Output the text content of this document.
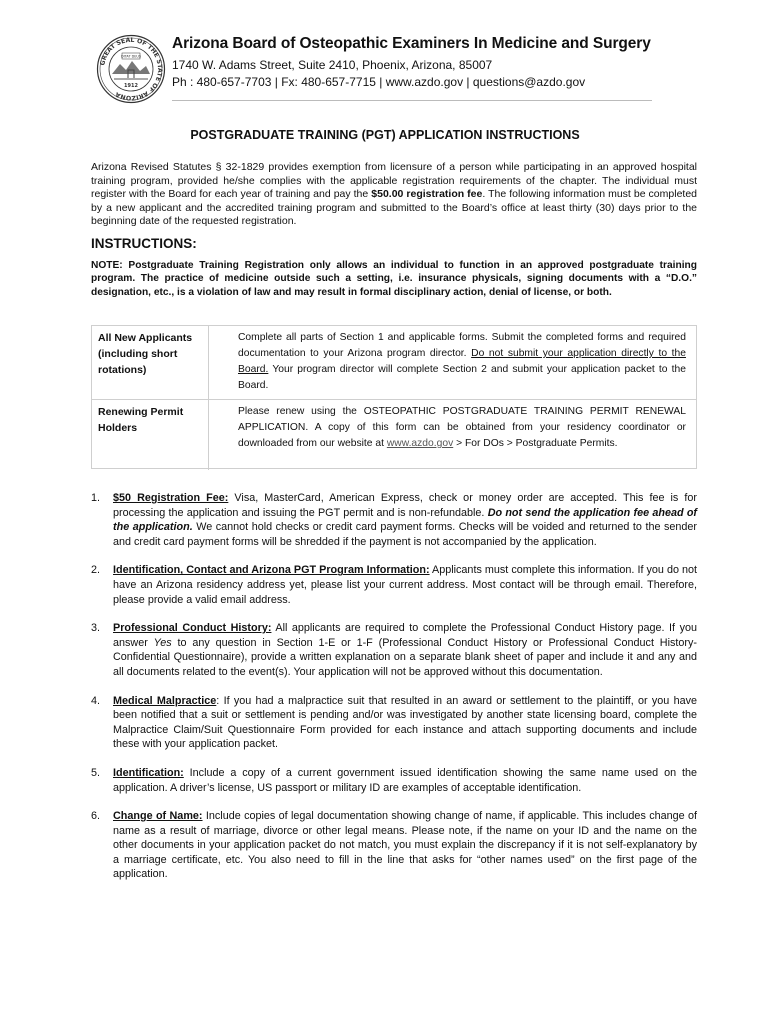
GREAT SEAL OF THE STATE OF ARIZONA
DITAT DEUS
1912
Arizona Board of Osteopathic Examiners In Medicine and Surgery
1740 W. Adams Street, Suite 2410, Phoenix, Arizona, 85007
Ph : 480-657-7703 | Fx: 480-657-7715 | www.azdo.gov | questions@azdo.gov
POSTGRADUATE TRAINING (PGT) APPLICATION INSTRUCTIONS
Arizona Revised Statutes § 32-1829 provides exemption from licensure of a person while participating in an approved hospital training program, provided he/she complies with the applicable registration requirements of the chapter. The individual must register with the Board for each year of training and pay the $50.00 registration fee. The following information must be completed by a new applicant and the accredited training program and submitted to the Board’s office at least thirty (30) days prior to the beginning date of the requested registration.
INSTRUCTIONS:
NOTE: Postgraduate Training Registration only allows an individual to function in an approved postgraduate training program. The practice of medicine outside such a setting, i.e. insurance physicals, signing documents with a “D.O.” designation, etc., is a violation of law and may result in formal disciplinary action, denial of license, or both.
All New Applicants (including short rotations)
Complete all parts of Section 1 and applicable forms. Submit the completed forms and required documentation to your Arizona program director. Do not submit your application directly to the Board. Your program director will complete Section 2 and submit your application packet to the Board.
Renewing Permit Holders
Please renew using the OSTEOPATHIC POSTGRADUATE TRAINING PERMIT RENEWAL APPLICATION. A copy of this form can be obtained from your residency coordinator or downloaded from our website at www.azdo.gov > For DOs > Postgraduate Permits.
1. $50 Registration Fee: Visa, MasterCard, American Express, check or money order are accepted. This fee is for processing the application and issuing the PGT permit and is non-refundable. Do not send the application fee ahead of the application. We cannot hold checks or credit card payment forms. Checks will be voided and returned to the sender and credit card payment forms will be shredded if the payment is not accompanied by the application.
2. Identification, Contact and Arizona PGT Program Information: Applicants must complete this information. If you do not have an Arizona residency address yet, please list your current address. Most contact will be through email. Therefore, please provide a valid email address.
3. Professional Conduct History: All applicants are required to complete the Professional Conduct History page. If you answer Yes to any question in Section 1-E or 1-F (Professional Conduct History or Professional Conduct History-Confidential Questionnaire), provide a written explanation on a separate blank sheet of paper and include it and any and all documents related to the event(s). Your application will not be approved without this documentation.
4. Medical Malpractice: If you had a malpractice suit that resulted in an award or settlement to the plaintiff, or you have been notified that a suit or settlement is pending and/or was investigated by another state licensing board, complete the Malpractice Claim/Suit Questionnaire Form provided for each instance and attach supporting documents and include these with your application packet.
5. Identification: Include a copy of a current government issued identification showing the same name used on the application. A driver’s license, US passport or military ID are examples of acceptable identification.
6. Change of Name: Include copies of legal documentation showing change of name, if applicable. This includes change of name as a result of marriage, divorce or other legal means. Please note, if the name on your ID and the name on the other documents in your application packet do not match, you must explain the discrepancy if it is not self-explanatory by a marriage certificate, etc. You also need to fill in the line that asks for “other names used” on the first page of the application.
